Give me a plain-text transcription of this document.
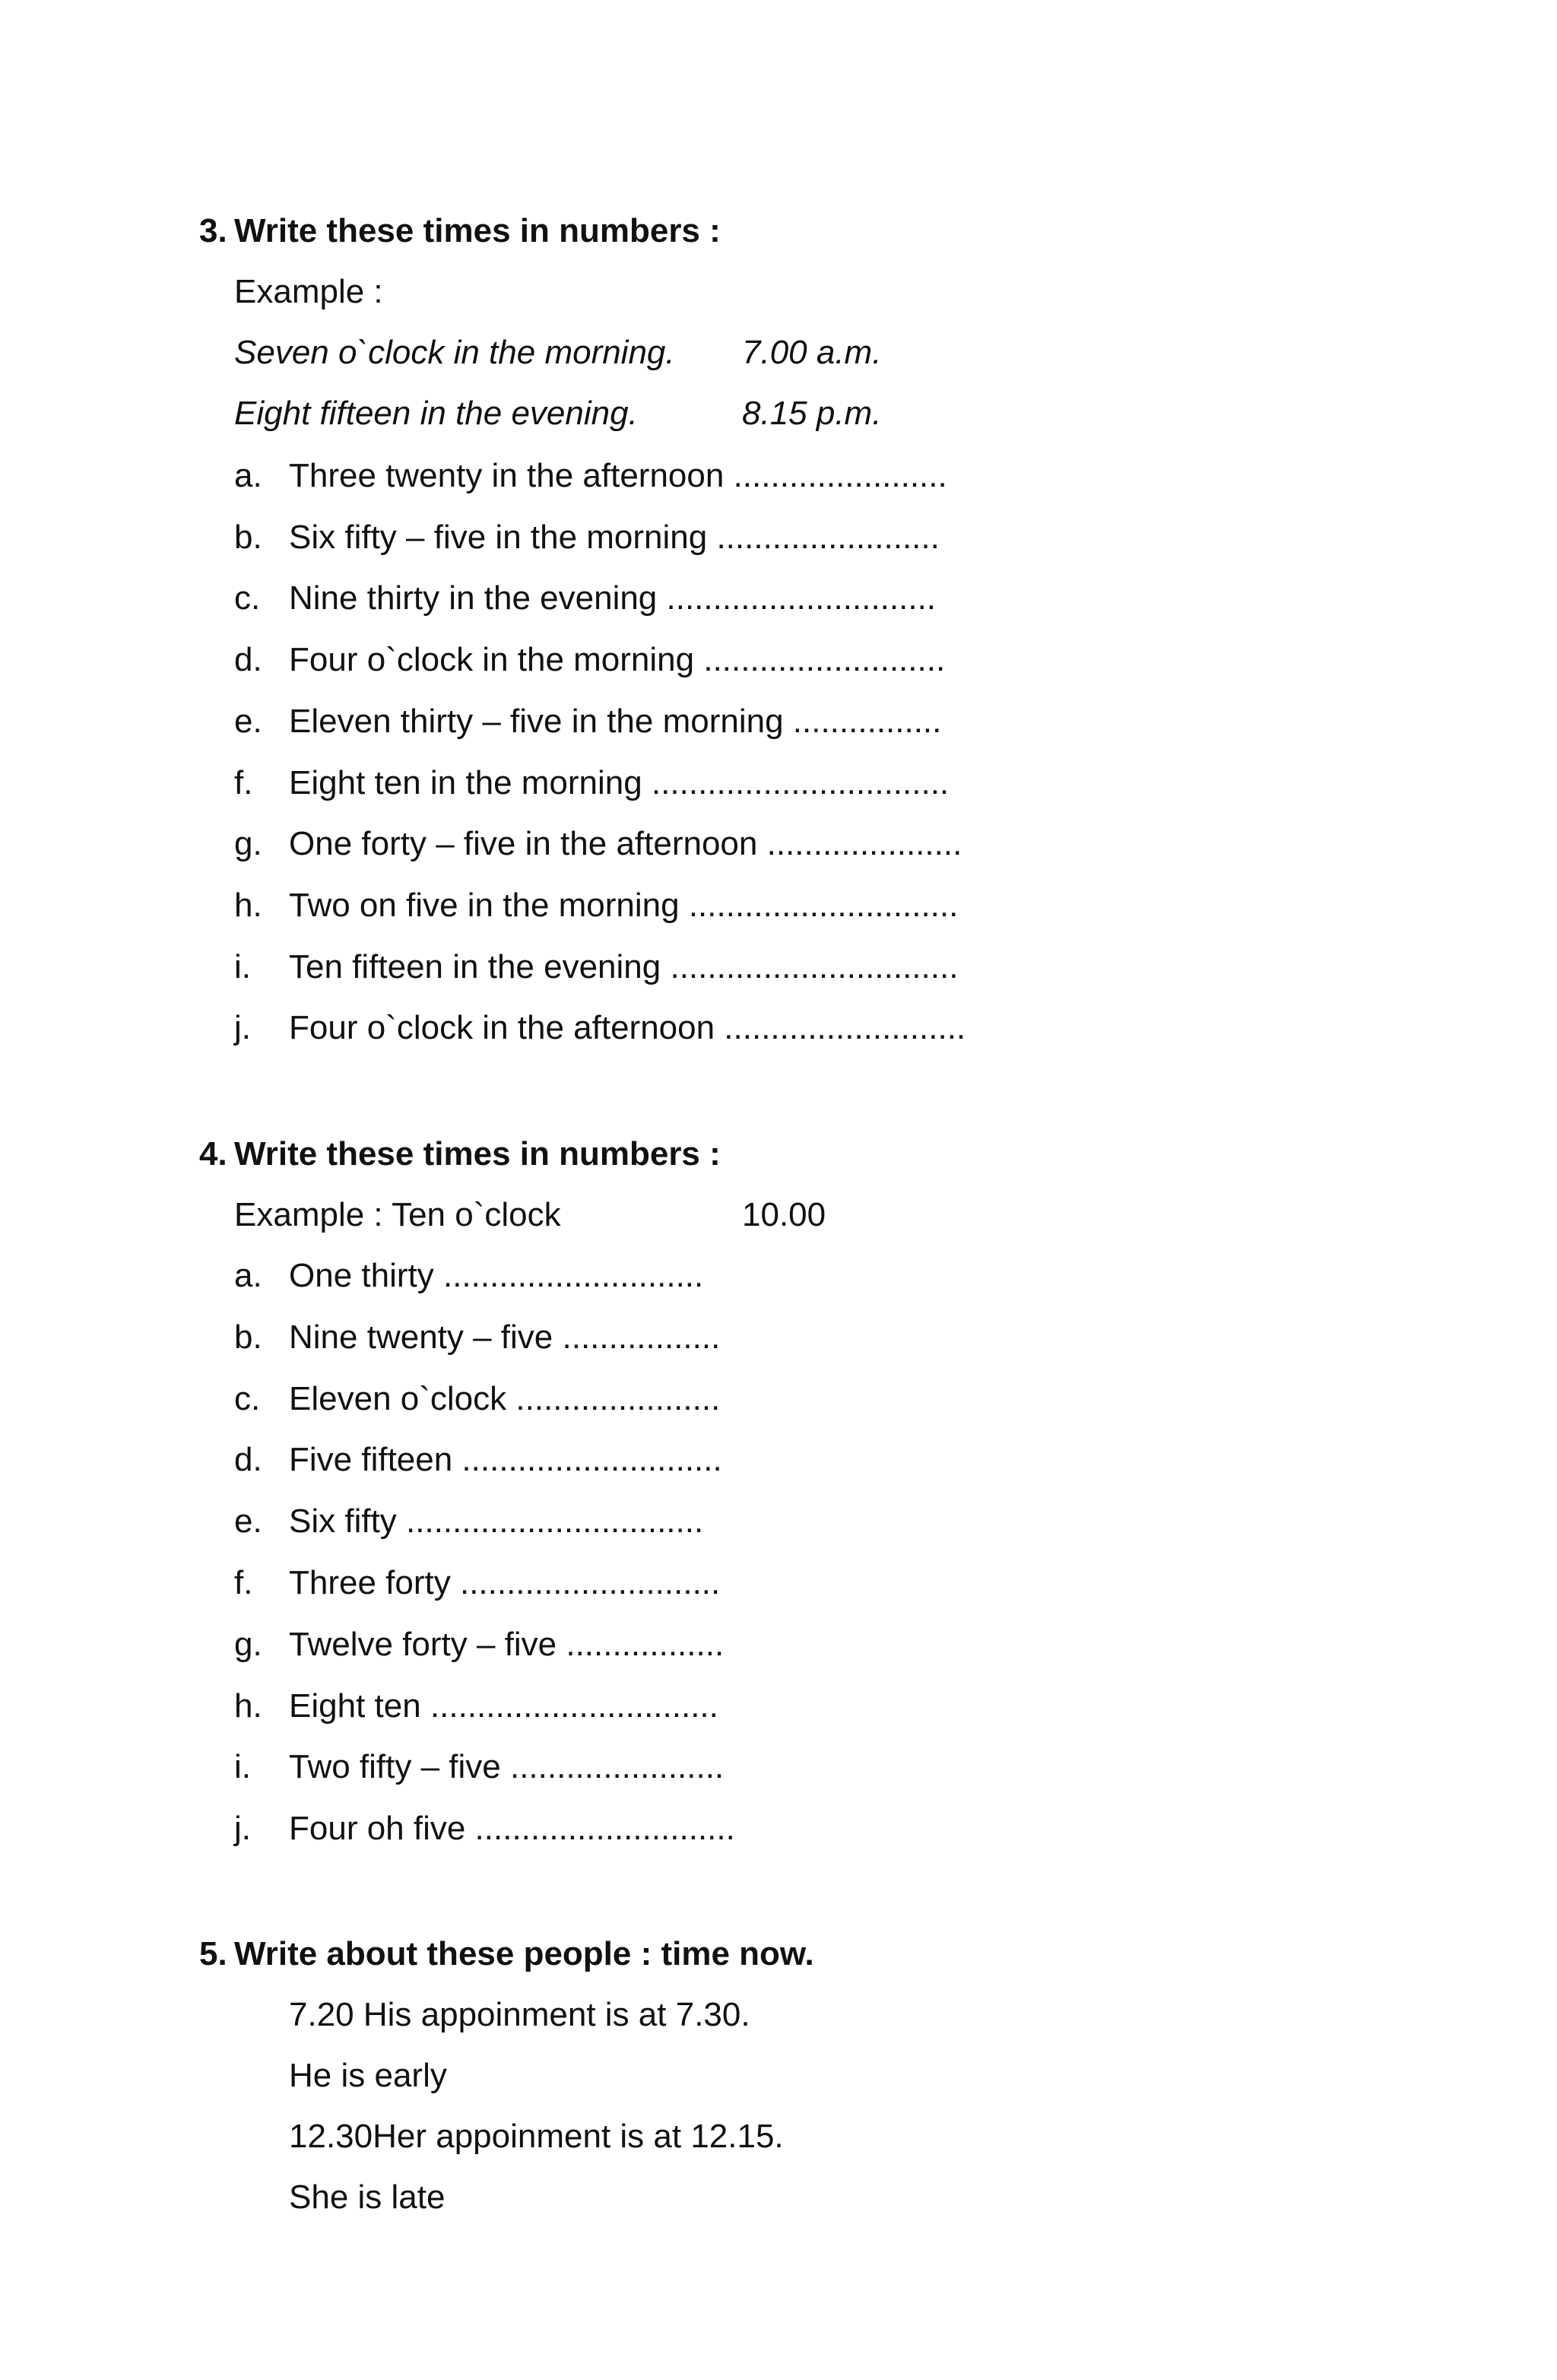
3. Write these times in numbers :
Example :
Seven o`clock in the morning. 7.00 a.m.
Eight fifteen in the evening.	8.15 p.m.
a. Three twenty in the afternoon .......................
b. Six fifty – five in the morning ........................
c. Nine thirty in the evening .............................
d. Four o`clock in the morning ..........................
e. Eleven thirty – five in the morning ................
f. Eight ten in the morning ................................
g. One forty – five in the afternoon .....................
h. Two on five in the morning .............................
i. Ten fifteen in the evening ...............................
j. Four o`clock in the afternoon ..........................
4. Write these times in numbers :
Example : Ten o`clock	10.00
a. One thirty ............................
b. Nine twenty – five .................
c. Eleven o`clock ......................
d. Five fifteen ............................
e. Six fifty ................................
f. Three forty ............................
g. Twelve forty – five .................
h. Eight ten ...............................
i. Two fifty – five .......................
j. Four oh five ............................
5. Write about these people : time now.
7.20 His appoinment is at 7.30.
He is early
12.30Her appoinment is at 12.15.
She is late
